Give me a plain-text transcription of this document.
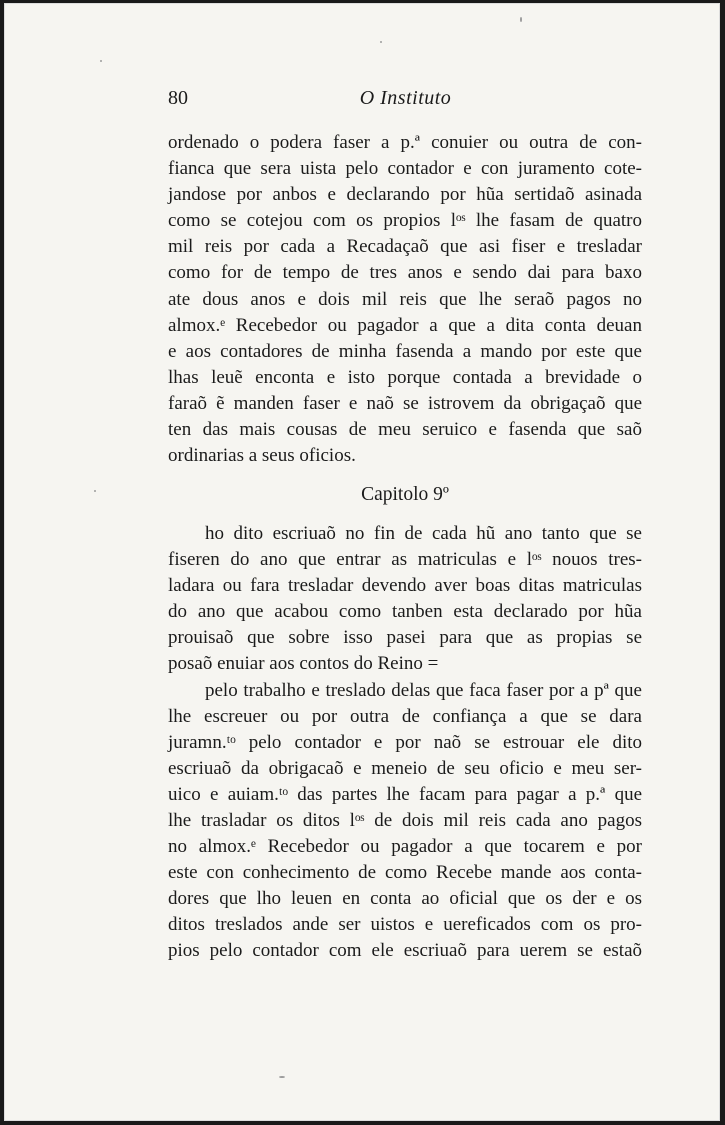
80	O Instituto
ordenado o podera faser a p.ª conuier ou outra de con-
fianca que sera uista pelo contador e con juramento cote-
jandose por anbos e declarando por hũa sertidaõ asinada
como se cotejou com os propios lᵒˢ lhe fasam de quatro
mil reis por cada a Recadaçaõ que asi fiser e tresladar
como for de tempo de tres anos e sendo dai para baxo
ate dous anos e dois mil reis que lhe seraõ pagos no
almox.ᵉ Recebedor ou pagador a que a dita conta deuan
e aos contadores de minha fasenda a mando por este que
lhas leuẽ enconta e isto porque contada a brevidade o
faraõ ẽ manden faser e naõ se istrovem da obrigaçaõ que
ten das mais cousas de meu seruico e fasenda que saõ
ordinarias a seus oficios.
Capitolo 9º
ho dito escriuaõ no fin de cada hũ ano tanto que se
fiseren do ano que entrar as matriculas e lᵒˢ nouos tres-
ladara ou fara tresladar devendo aver boas ditas matriculas
do ano que acabou como tanben esta declarado por hũa
prouisaõ que sobre isso pasei para que as propias se
posaõ enuiar aos contos do Reino =
pelo trabalho e treslado delas que faca faser por a pª que
lhe escreuer ou por outra de confiança a que se dara
juramn.ᵗᵒ pelo contador e por naõ se estrouar ele dito
escriuaõ da obrigacaõ e meneio de seu oficio e meu ser-
uico e auiam.ᵗᵒ das partes lhe facam para pagar a p.ª que
lhe trasladar os ditos lᵒˢ de dois mil reis cada ano pagos
no almox.ᵉ Recebedor ou pagador a que tocarem e por
este con conhecimento de como Recebe mande aos conta-
dores que lho leuen en conta ao oficial que os der e os
ditos treslados ande ser uistos e uereficados com os pro-
pios pelo contador com ele escriuaõ para uerem se estaõ
